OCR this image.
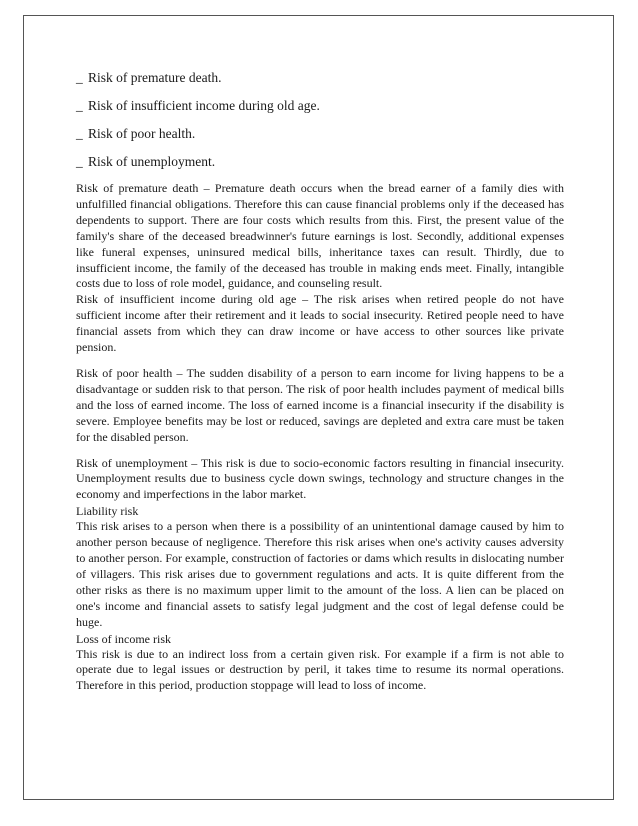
_ Risk of premature death.
_ Risk of insufficient income during old age.
_ Risk of poor health.
_ Risk of unemployment.

Risk of premature death – Premature death occurs when the bread earner of a family dies with unfulfilled financial obligations. Therefore this can cause financial problems only if the deceased has dependents to support. There are four costs which results from this. First, the present value of the family's share of the deceased breadwinner's future earnings is lost. Secondly, additional expenses like funeral expenses, uninsured medical bills, inheritance taxes can result. Thirdly, due to insufficient income, the family of the deceased has trouble in making ends meet. Finally, intangible costs due to loss of role model, guidance, and counseling result.

Risk of insufficient income during old age – The risk arises when retired people do not have sufficient income after their retirement and it leads to social insecurity. Retired people need to have financial assets from which they can draw income or have access to other sources like private pension.

Risk of poor health – The sudden disability of a person to earn income for living happens to be a disadvantage or sudden risk to that person. The risk of poor health includes payment of medical bills and the loss of earned income. The loss of earned income is a financial insecurity if the disability is severe. Employee benefits may be lost or reduced, savings are depleted and extra care must be taken for the disabled person.

Risk of unemployment – This risk is due to socio-economic factors resulting in financial insecurity. Unemployment results due to business cycle down swings, technology and structure changes in the economy and imperfections in the labor market.

Liability risk

This risk arises to a person when there is a possibility of an unintentional damage caused by him to another person because of negligence. Therefore this risk arises when one's activity causes adversity to another person. For example, construction of factories or dams which results in dislocating number of villagers. This risk arises due to government regulations and acts. It is quite different from the other risks as there is no maximum upper limit to the amount of the loss. A lien can be placed on one's income and financial assets to satisfy legal judgment and the cost of legal defense could be huge.

Loss of income risk

This risk is due to an indirect loss from a certain given risk. For example if a firm is not able to operate due to legal issues or destruction by peril, it takes time to resume its normal operations. Therefore in this period, production stoppage will lead to loss of income.
